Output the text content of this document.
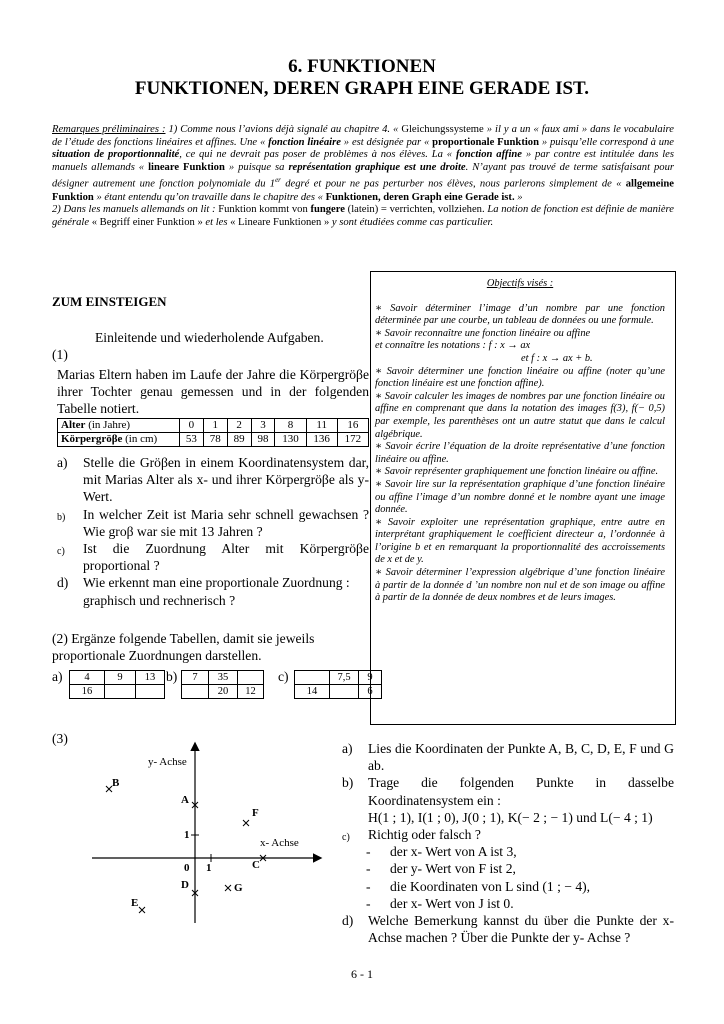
6. FUNKTIONEN
FUNKTIONEN, DEREN GRAPH EINE GERADE IST.

Remarques préliminaires : 1) Comme nous l’avions déjà signalé au chapitre 4. « Gleichungssysteme » il y a un « faux ami » dans le vocabulaire de l’étude des fonctions linéaires et affines. Une « fonction linéaire » est désignée par « proportionale Funktion » puisqu’elle correspond à une situation de proportionnalité, ce qui ne devrait pas poser de problèmes à nos élèves. La « fonction affine » par contre est intitulée dans les manuels allemands « lineare Funktion » puisque sa représentation graphique est une droite. N’ayant pas trouvé de terme satisfaisant pour désigner autrement une fonction polynomiale du 1er degré et pour ne pas perturber nos élèves, nous parlerons simplement de « allgemeine Funktion » étant entendu qu’on travaille dans le chapitre des « Funktionen, deren Graph eine Gerade ist. »

2) Dans les manuels allemands on lit : Funktion kommt von fungere (latein) = verrichten, vollziehen. La notion de fonction est définie de manière générale « Begriff einer Funktion » et les « Lineare Funktionen » y sont étudiées comme cas particulier.

Objectifs visés :

∗ Savoir déterminer l’image d’un nombre par une fonction déterminée par une courbe, un tableau de données ou une formule.

∗ Savoir reconnaître une fonction linéaire ou affine

et connaître les notations : f : x → ax

et f : x → ax + b.

∗ Savoir déterminer une fonction linéaire ou affine (noter qu’une fonction linéaire est une fonction affine).

∗ Savoir calculer les images de nombres par une fonction linéaire ou affine en comprenant que dans la notation des images f(3), f(− 0,5) par exemple, les parenthèses ont un autre statut que dans le calcul algébrique.

∗ Savoir écrire l’équation de la droite représentative d’une fonction linéaire ou affine.

∗ Savoir représenter graphiquement une fonction linéaire ou affine.

∗ Savoir lire sur la représentation graphique d’une fonction linéaire ou affine l’image d’un nombre donné et le nombre ayant une image donnée.

∗ Savoir exploiter une représentation graphique, entre autre en interprétant graphiquement le coefficient directeur a, l’ordonnée à l’origine b et en remarquant la proportionnalité des accroissements de x et de y.

∗ Savoir déterminer l’expression algébrique d’une fonction linéaire à partir de la donnée d ’un nombre non nul et de son image ou affine à partir de la donnée de deux nombres et de leurs images.

ZUM EINSTEIGEN
Einleitende und wiederholende Aufgaben.
(1)
Marias Eltern haben im Laufe der Jahre die Körpergröβe ihrer Tochter genau gemessen und in der folgenden Tabelle notiert.
Alter (in Jahre)	0	1	2	3	8	11	16
Körpergröβe (in cm)	53	78	89	98	130	136	172
a) Stelle die Gröβen in einem Koordinatensystem dar, mit Marias Alter als x- und ihrer Körpergröβe als y- Wert.
b) In welcher Zeit ist Maria sehr schnell gewachsen ? Wie groβ war sie mit 13 Jahren ?
c) Ist die Zuordnung Alter mit Körpergröβe proportional ?
d) Wie erkennt man eine proportionale Zuordnung : graphisch und rechnerisch ?
(2) Ergänze folgende Tabellen, damit sie jeweils proportionale Zuordnungen darstellen.
a) 4	9	13
16		
b) 7	35	
	20	12
c)
		7,5	9
14		6
(3)
y- Achse
x- Achse
0 1
1
A
B
C
D
E
F
G
a) Lies die Koordinaten der Punkte A, B, C, D, E, F und G ab.
b) Trage die folgenden Punkte in dasselbe Koordinatensystem ein :
H(1 ; 1), I(1 ; 0), J(0 ; 1), K(− 2 ; − 1) und L(− 4 ; 1)
c) Richtig oder falsch ?
- der x- Wert von A ist 3,
- der y- Wert von F ist 2,
- die Koordinaten von L sind (1 ; − 4),
- der x- Wert von J ist 0.
d) Welche Bemerkung kannst du über die Punkte der x- Achse machen ? Über die Punkte der y- Achse ?
6 - 1
